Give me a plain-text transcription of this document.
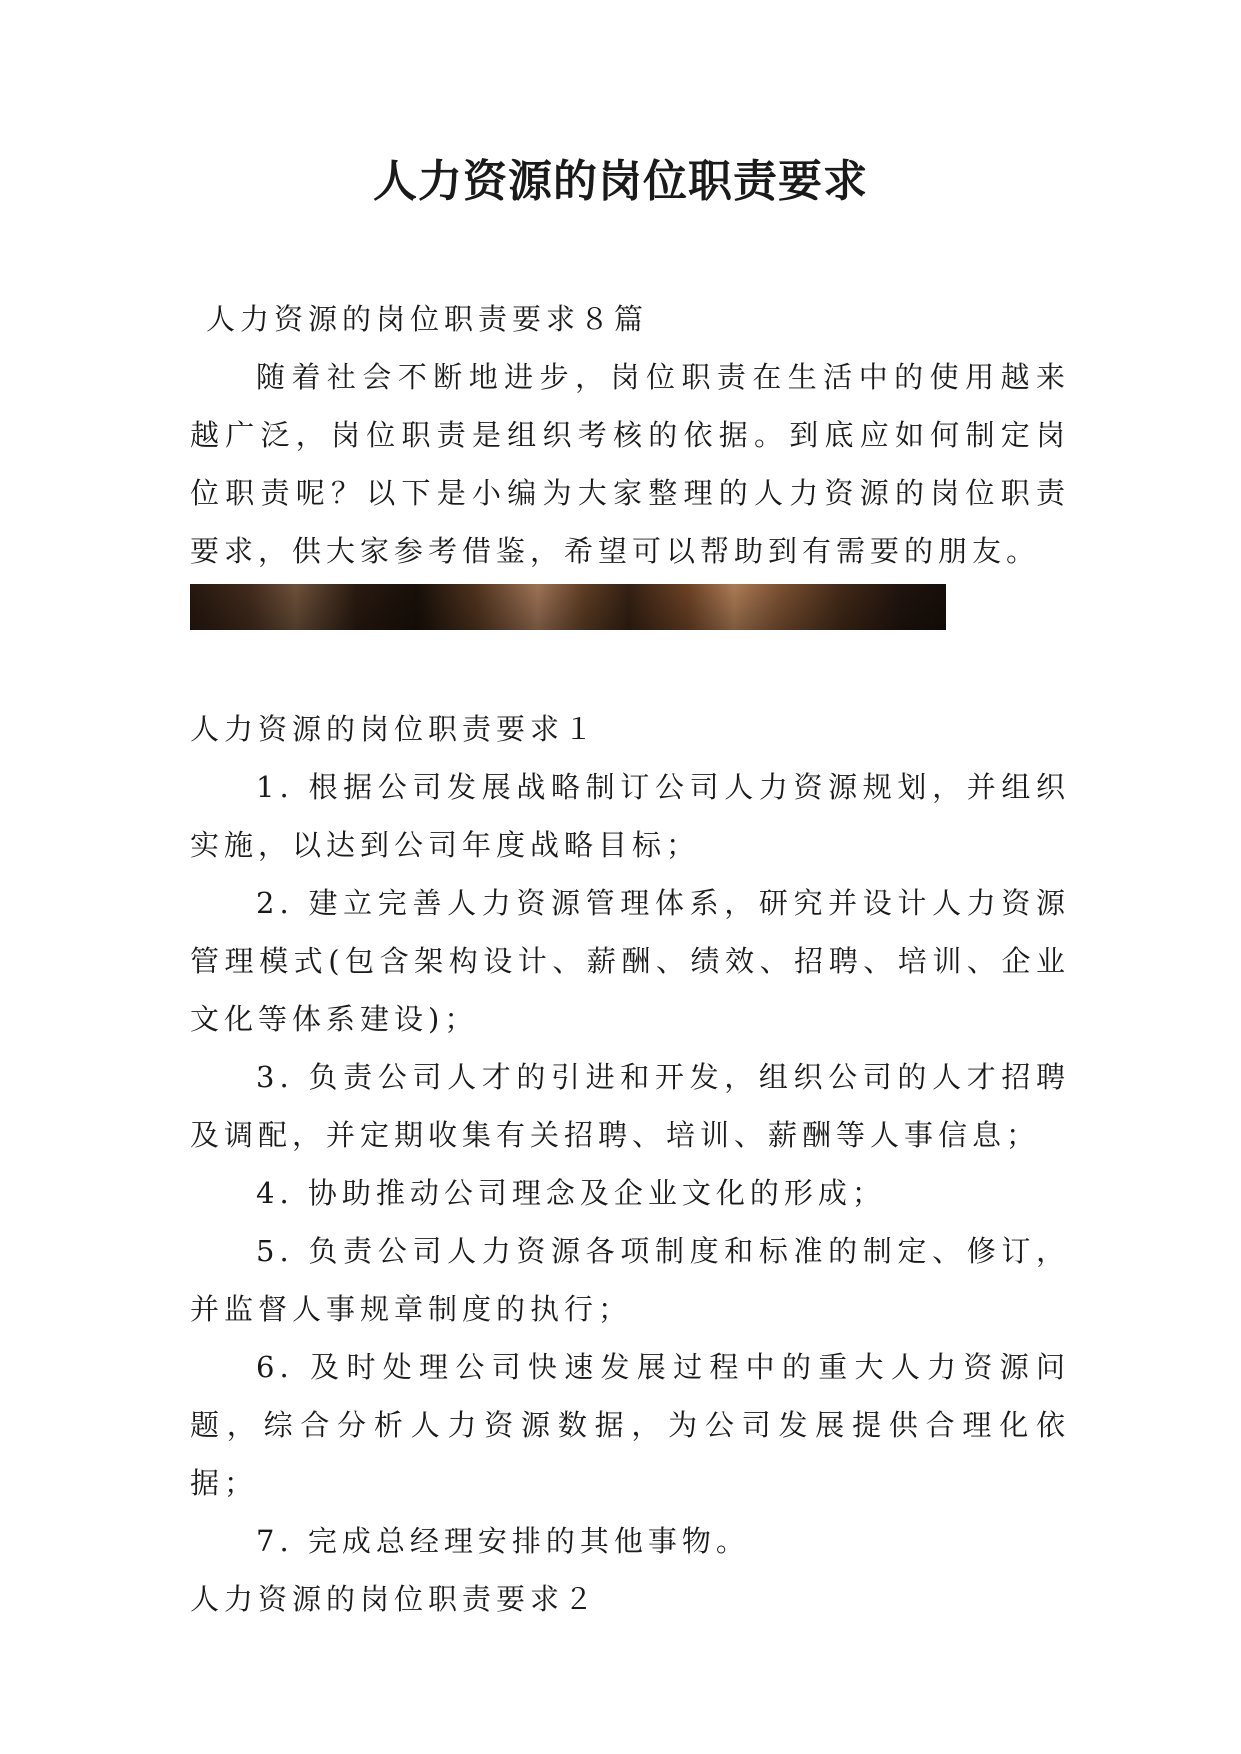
人力资源的岗位职责要求

人力资源的岗位职责要求８篇

随着社会不断地进步，岗位职责在生活中的使用越来越广泛，岗位职责是组织考核的依据。到底应如何制定岗位职责呢？以下是小编为大家整理的人力资源的岗位职责要求，供大家参考借鉴，希望可以帮助到有需要的朋友。

人力资源的岗位职责要求１

1. 根据公司发展战略制订公司人力资源规划，并组织实施，以达到公司年度战略目标；

2. 建立完善人力资源管理体系，研究并设计人力资源管理模式(包含架构设计、薪酬、绩效、招聘、培训、企业文化等体系建设)；

3. 负责公司人才的引进和开发，组织公司的人才招聘及调配，并定期收集有关招聘、培训、薪酬等人事信息；

4. 协助推动公司理念及企业文化的形成；

5. 负责公司人力资源各项制度和标准的制定、修订，并监督人事规章制度的执行；

6. 及时处理公司快速发展过程中的重大人力资源问题，综合分析人力资源数据，为公司发展提供合理化依据；

7. 完成总经理安排的其他事物。

人力资源的岗位职责要求２
